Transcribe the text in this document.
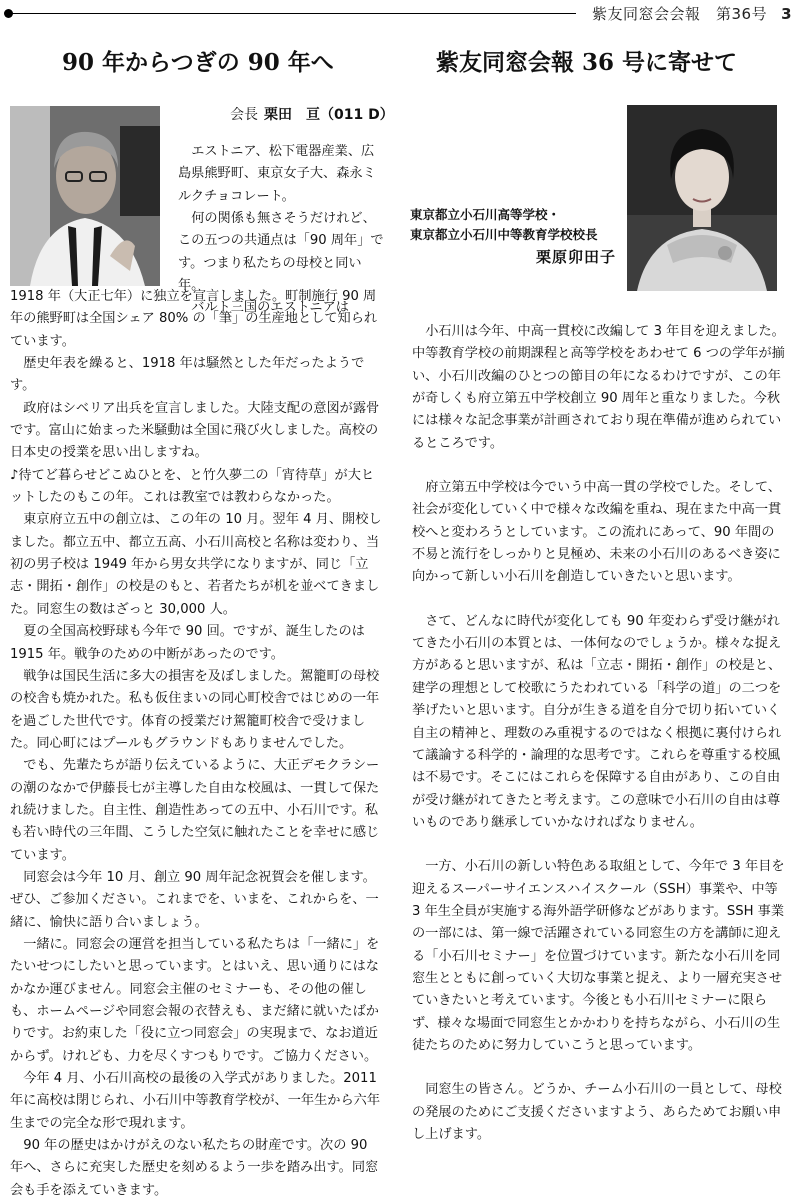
紫友同窓会会報　第36号 3
90 年からつぎの 90 年へ	紫友同窓会報 36 号に寄せて
会長 栗田　亘（011 D）

エストニア、松下電器産業、広島県熊野町、東京女子大、森永ミルクチョコレート。

何の関係も無さそうだけれど、この五つの共通点は「90 周年」です。つまり私たちの母校と同い年。

バルト三国のエストニアは

1918 年（大正七年）に独立を宣言しました。町制施行 90 周年の熊野町は全国シェア 80% の「筆」の生産地として知られています。

歴史年表を繰ると、1918 年は騒然とした年だったようです。

政府はシベリア出兵を宣言しました。大陸支配の意図が露骨です。富山に始まった米騒動は全国に飛び火しました。高校の日本史の授業を思い出しますね。

♪待てど暮らせどこぬひとを、と竹久夢二の「宵待草」が大ヒットしたのもこの年。これは教室では教わらなかった。

東京府立五中の創立は、この年の 10 月。翌年 4 月、開校しました。都立五中、都立五高、小石川高校と名称は変わり、当初の男子校は 1949 年から男女共学になりますが、同じ「立志・開拓・創作」の校是のもと、若者たちが机を並べてきました。同窓生の数はざっと 30,000 人。

夏の全国高校野球も今年で 90 回。ですが、誕生したのは 1915 年。戦争のための中断があったのです。

戦争は国民生活に多大の損害を及ぼしました。駕籠町の母校の校舎も焼かれた。私も仮住まいの同心町校舎ではじめの一年を過ごした世代です。体育の授業だけ駕籠町校舎で受けました。同心町にはプールもグラウンドもありませんでした。

でも、先輩たちが語り伝えているように、大正デモクラシーの潮のなかで伊藤長七が主導した自由な校風は、一貫して保たれ続けました。自主性、創造性あっての五中、小石川です。私も若い時代の三年間、こうした空気に触れたことを幸せに感じています。

同窓会は今年 10 月、創立 90 周年記念祝賀会を催します。ぜひ、ご参加ください。これまでを、いまを、これからを、一緒に、愉快に語り合いましょう。

一緒に。同窓会の運営を担当している私たちは「一緒に」をたいせつにしたいと思っています。とはいえ、思い通りにはなかなか運びません。同窓会主催のセミナーも、その他の催しも、ホームページや同窓会報の衣替えも、まだ緒に就いたばかりです。お約束した「役に立つ同窓会」の実現まで、なお道近からず。けれども、力を尽くすつもりです。ご協力ください。

今年 4 月、小石川高校の最後の入学式がありました。2011 年に高校は閉じられ、小石川中等教育学校が、一年生から六年生までの完全な形で現れます。

90 年の歴史はかけがえのない私たちの財産です。次の 90 年へ、さらに充実した歴史を刻めるよう一歩を踏み出す。同窓会も手を添えていきます。

東京都立小石川高等学校・
東京都立小石川中等教育学校校長
栗原卯田子

小石川は今年、中高一貫校に改編して 3 年目を迎えました。中等教育学校の前期課程と高等学校をあわせて 6 つの学年が揃い、小石川改編のひとつの節目の年になるわけですが、この年が奇しくも府立第五中学校創立 90 周年と重なりました。今秋には様々な記念事業が計画されており現在準備が進められているところです。

府立第五中学校は今でいう中高一貫の学校でした。そして、社会が変化していく中で様々な改編を重ね、現在また中高一貫校へと変わろうとしています。この流れにあって、90 年間の不易と流行をしっかりと見極め、未来の小石川のあるべき姿に向かって新しい小石川を創造していきたいと思います。

さて、どんなに時代が変化しても 90 年変わらず受け継がれてきた小石川の本質とは、一体何なのでしょうか。様々な捉え方があると思いますが、私は「立志・開拓・創作」の校是と、建学の理想として校歌にうたわれている「科学の道」の二つを挙げたいと思います。自分が生きる道を自分で切り拓いていく自主の精神と、理数のみ重視するのではなく根拠に裏付けられて議論する科学的・論理的な思考です。これらを尊重する校風は不易です。そこにはこれらを保障する自由があり、この自由が受け継がれてきたと考えます。この意味で小石川の自由は尊いものであり継承していかなければなりません。

一方、小石川の新しい特色ある取組として、今年で 3 年目を迎えるスーパーサイエンスハイスクール（SSH）事業や、中等 3 年生全員が実施する海外語学研修などがあります。SSH 事業の一部には、第一線で活躍されている同窓生の方を講師に迎える「小石川セミナー」を位置づけています。新たな小石川を同窓生とともに創っていく大切な事業と捉え、より一層充実させていきたいと考えています。今後とも小石川セミナーに限らず、様々な場面で同窓生とかかわりを持ちながら、小石川の生徒たちのために努力していこうと思っています。

同窓生の皆さん。どうか、チーム小石川の一員として、母校の発展のためにご支援くださいますよう、あらためてお願い申し上げます。
